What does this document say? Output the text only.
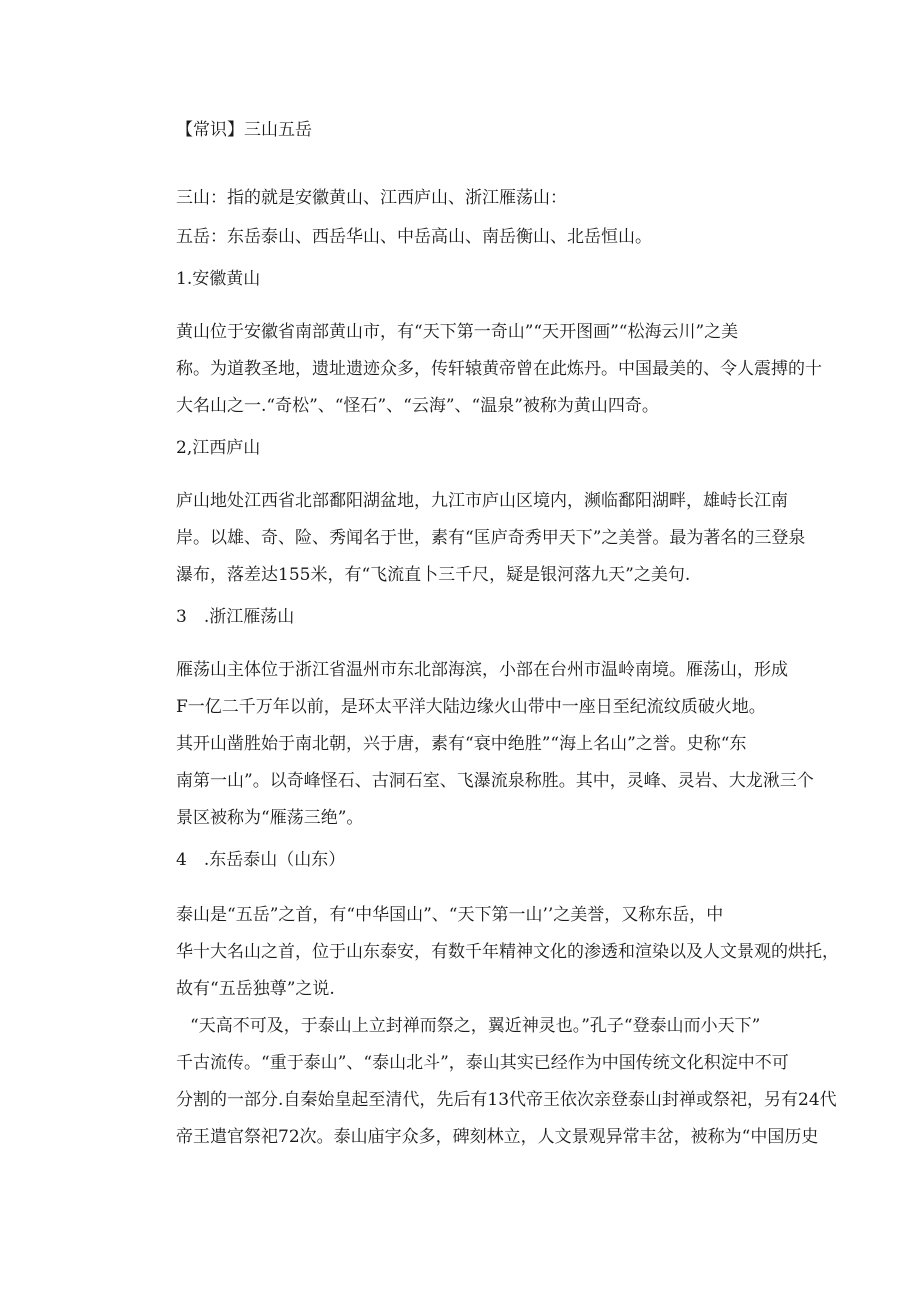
【常识】三山五岳
三山：指的就是安徽黄山、江西庐山、浙江雁荡山：
五岳：东岳泰山、西岳华山、中岳高山、南岳衡山、北岳恒山。
1.安徽黄山
黄山位于安徽省南部黄山市，有“天下第一奇山”“天开图画”“松海云川”之美
称。为道教圣地，遗址遗迹众多，传轩辕黄帝曾在此炼丹。中国最美的、令人震搏的十
大名山之一.“奇松”、“怪石”、“云海”、“温泉”被称为黄山四奇。
2,江西庐山
庐山地处江西省北部鄱阳湖盆地，九江市庐山区境内，濒临鄱阳湖畔，雄峙长江南
岸。以雄、奇、险、秀闻名于世，素有“匡庐奇秀甲天下”之美誉。最为著名的三登泉
瀑布，落差达155米，有“飞流直卜三千尺，疑是银河落九天”之美句.
3　.浙江雁荡山
雁荡山主体位于浙江省温州市东北部海滨，小部在台州市温岭南境。雁荡山，形成
F一亿二千万年以前，是环太平洋大陆边缘火山带中一座日至纪流纹质破火地。
其开山凿胜始于南北朝，兴于唐，素有“衰中绝胜”“海上名山”之誉。史称“东
南第一山”。以奇峰怪石、古洞石室、飞瀑流泉称胜。其中，灵峰、灵岩、大龙湫三个
景区被称为“雁荡三绝”。
4　.东岳泰山（山东）
泰山是“五岳”之首，有“中华国山”、“天下第一山’’之美誉，又称东岳，中
华十大名山之首，位于山东泰安，有数千年精神文化的渗透和渲染以及人文景观的烘托，
故有“五岳独尊”之说.
“天高不可及，于泰山上立封禅而祭之，翼近神灵也。”孔子“登泰山而小天下”
千古流传。“重于泰山”、“泰山北斗”，泰山其实已经作为中国传统文化积淀中不可
分割的一部分.自秦始皇起至清代，先后有13代帝王依次亲登泰山封禅或祭祀，另有24代
帝王遣官祭祀72次。泰山庙宇众多，碑刻林立，人文景观异常丰岔，被称为“中国历史
